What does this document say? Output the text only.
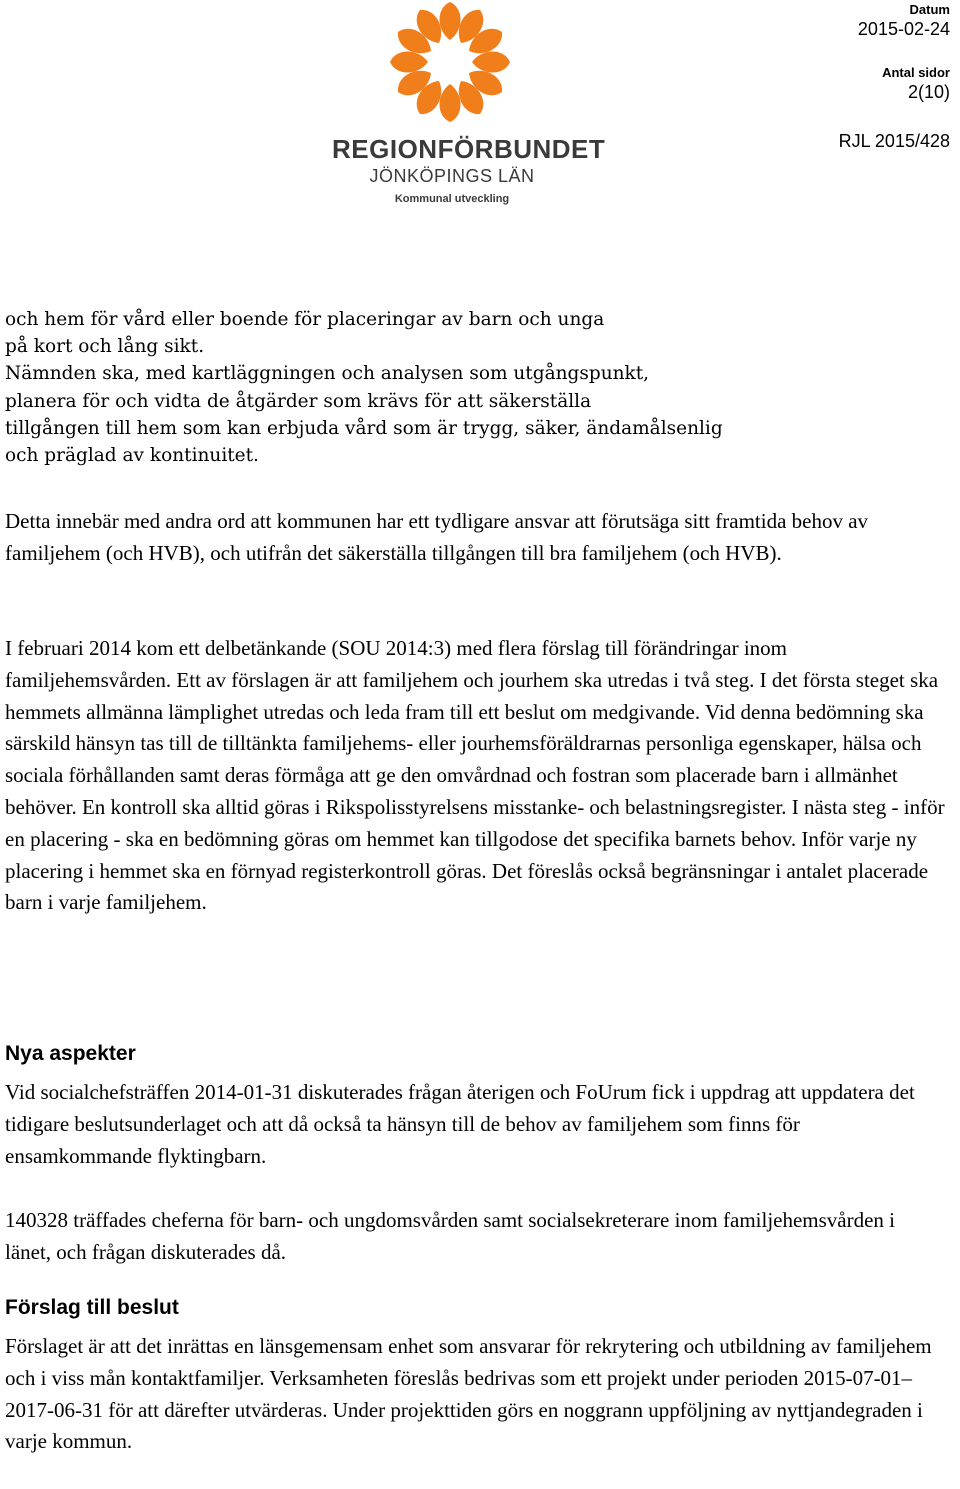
REGIONFÖRBUNDET
JÖNKÖPINGS LÄN
Kommunal utveckling
Datum
2015-02-24
Antal sidor
2(10)
RJL 2015/428
och hem för vård eller boende för placeringar av barn och unga
på kort och lång sikt.
Nämnden ska, med kartläggningen och analysen som utgångspunkt,
planera för och vidta de åtgärder som krävs för att säkerställa
tillgången till hem som kan erbjuda vård som är trygg, säker, ändamålsenlig
och präglad av kontinuitet.
Detta innebär med andra ord att kommunen har ett tydligare ansvar att förutsäga sitt framtida behov av familjehem (och HVB), och utifrån det säkerställa tillgången till bra familjehem (och HVB).
I februari 2014 kom ett delbetänkande (SOU 2014:3) med flera förslag till förändringar inom familjehemsvården. Ett av förslagen är att familjehem och jourhem ska utredas i två steg. I det första steget ska hemmets allmänna lämplighet utredas och leda fram till ett beslut om medgivande. Vid denna bedömning ska särskild hänsyn tas till de tilltänkta familjehems- eller jourhemsföräldrarnas personliga egenskaper, hälsa och sociala förhållanden samt deras förmåga att ge den omvårdnad och fostran som placerade barn i allmänhet behöver. En kontroll ska alltid göras i Rikspolisstyrelsens misstanke- och belastningsregister. I nästa steg - inför en placering - ska en bedömning göras om hemmet kan tillgodose det specifika barnets behov. Inför varje ny placering i hemmet ska en förnyad registerkontroll göras. Det föreslås också begränsningar i antalet placerade barn i varje familjehem.
Nya aspekter
Vid socialchefsträffen 2014-01-31 diskuterades frågan återigen och FoUrum fick i uppdrag att uppdatera det tidigare beslutsunderlaget och att då också ta hänsyn till de behov av familjehem som finns för ensamkommande flyktingbarn.
140328 träffades cheferna för barn- och ungdomsvården samt socialsekreterare inom familjehemsvården i länet, och frågan diskuterades då.
Förslag till beslut
Förslaget är att det inrättas en länsgemensam enhet som ansvarar för rekrytering och utbildning av familjehem och i viss mån kontaktfamiljer. Verksamheten föreslås bedrivas som ett projekt under perioden 2015-07-01–2017-06-31 för att därefter utvärderas. Under projekttiden görs en noggrann uppföljning av nyttjandegraden i varje kommun.
